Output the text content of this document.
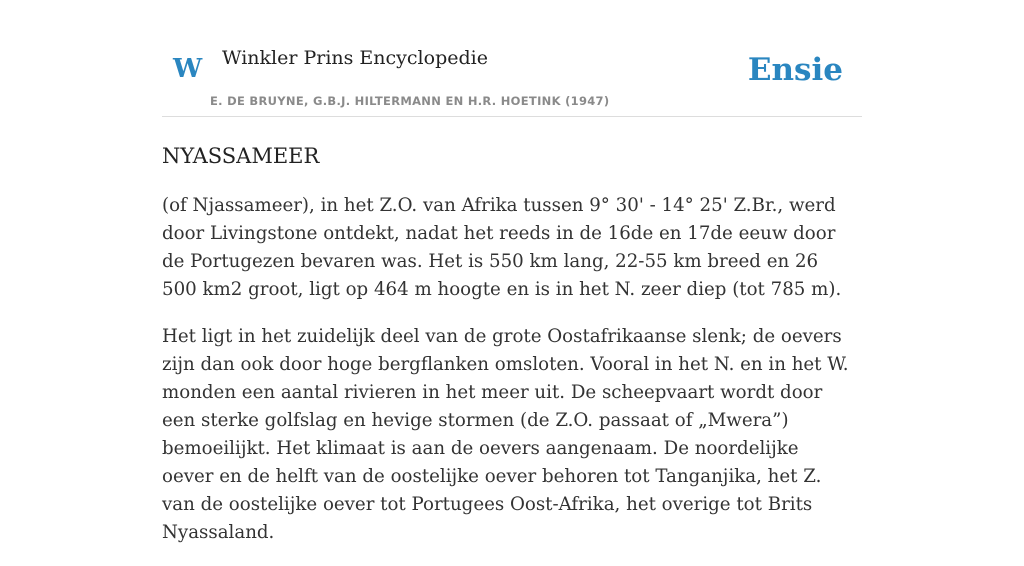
W Winkler Prins Encyclopedie
E. DE BRUYNE, G.B.J. HILTERMANN EN H.R. HOETINK (1947)
Ensie
NYASSAMEER

(of Njassameer), in het Z.O. van Afrika tussen 9° 30' - 14° 25' Z.Br., werd door Livingstone ontdekt, nadat het reeds in de 16de en 17de eeuw door de Portugezen bevaren was. Het is 550 km lang, 22-55 km breed en 26 500 km2 groot, ligt op 464 m hoogte en is in het N. zeer diep (tot 785 m).

Het ligt in het zuidelijk deel van de grote Oostafrikaanse slenk; de oevers zijn dan ook door hoge bergflanken omsloten. Vooral in het N. en in het W. monden een aantal rivieren in het meer uit. De scheepvaart wordt door een sterke golfslag en hevige stormen (de Z.O. passaat of „Mwera”) bemoeilijkt. Het klimaat is aan de oevers aangenaam. De noordelijke oever en de helft van de oostelijke oever behoren tot Tanganjika, het Z. van de oostelijke oever tot Portugees Oost-Afrika, het overige tot Brits Nyassaland.
